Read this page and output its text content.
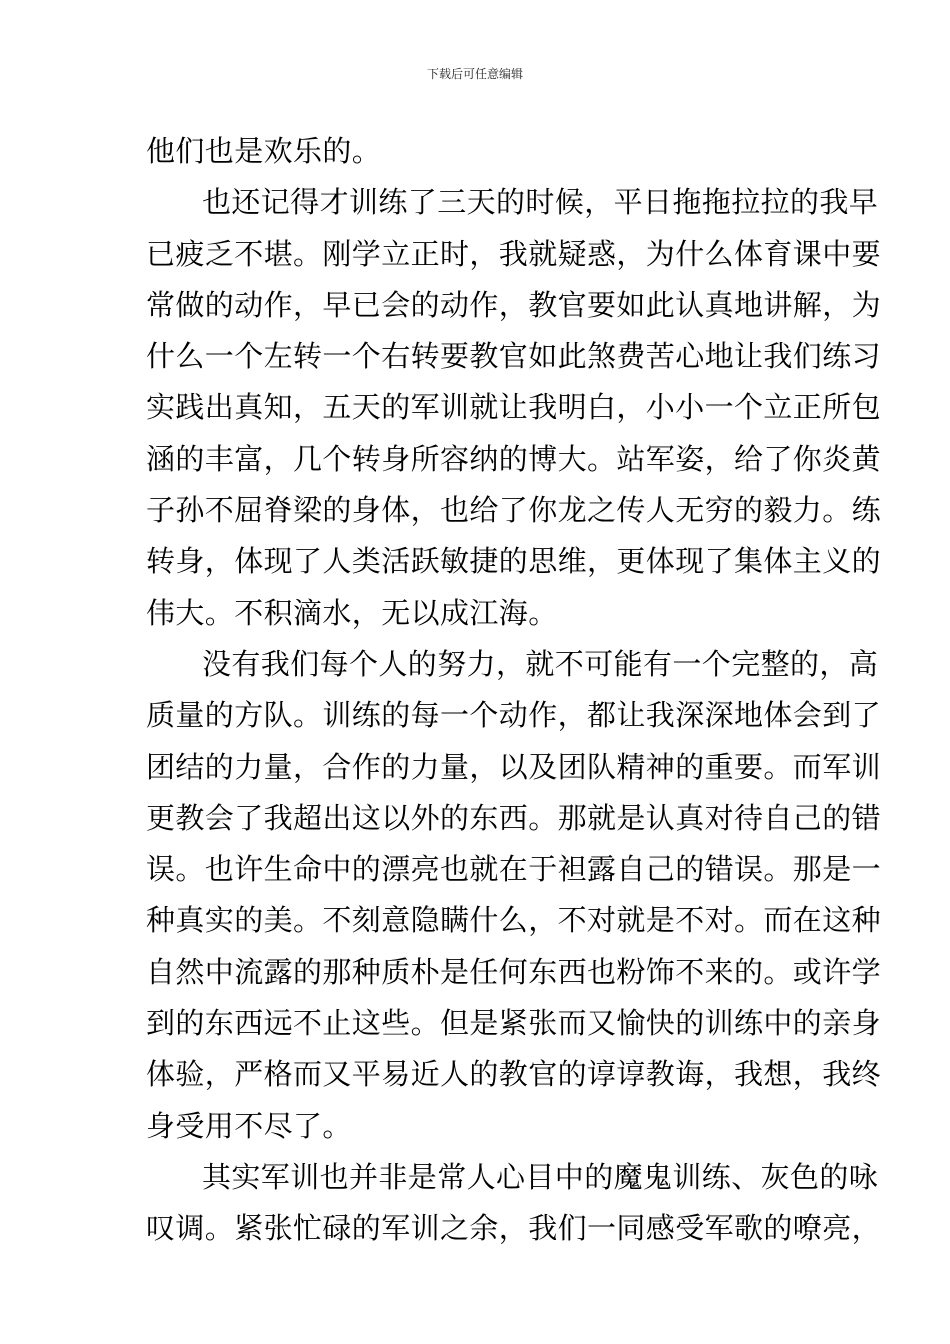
下载后可任意编辑
他们也是欢乐的。
也还记得才训练了三天的时候，平日拖拖拉拉的我早
已疲乏不堪。刚学立正时，我就疑惑，为什么体育课中要
常做的动作，早已会的动作，教官要如此认真地讲解，为
什么一个左转一个右转要教官如此煞费苦心地让我们练习
实践出真知，五天的军训就让我明白，小小一个立正所包
涵的丰富，几个转身所容纳的博大。站军姿，给了你炎黄
子孙不屈脊梁的身体，也给了你龙之传人无穷的毅力。练
转身，体现了人类活跃敏捷的思维，更体现了集体主义的
伟大。不积滴水，无以成江海。
没有我们每个人的努力，就不可能有一个完整的，高
质量的方队。训练的每一个动作，都让我深深地体会到了
团结的力量，合作的力量，以及团队精神的重要。而军训
更教会了我超出这以外的东西。那就是认真对待自己的错
误。也许生命中的漂亮也就在于袒露自己的错误。那是一
种真实的美。不刻意隐瞒什么，不对就是不对。而在这种
自然中流露的那种质朴是任何东西也粉饰不来的。或许学
到的东西远不止这些。但是紧张而又愉快的训练中的亲身
体验，严格而又平易近人的教官的谆谆教诲，我想，我终
身受用不尽了。
其实军训也并非是常人心目中的魔鬼训练、灰色的咏
叹调。紧张忙碌的军训之余，我们一同感受军歌的嘹亮，
